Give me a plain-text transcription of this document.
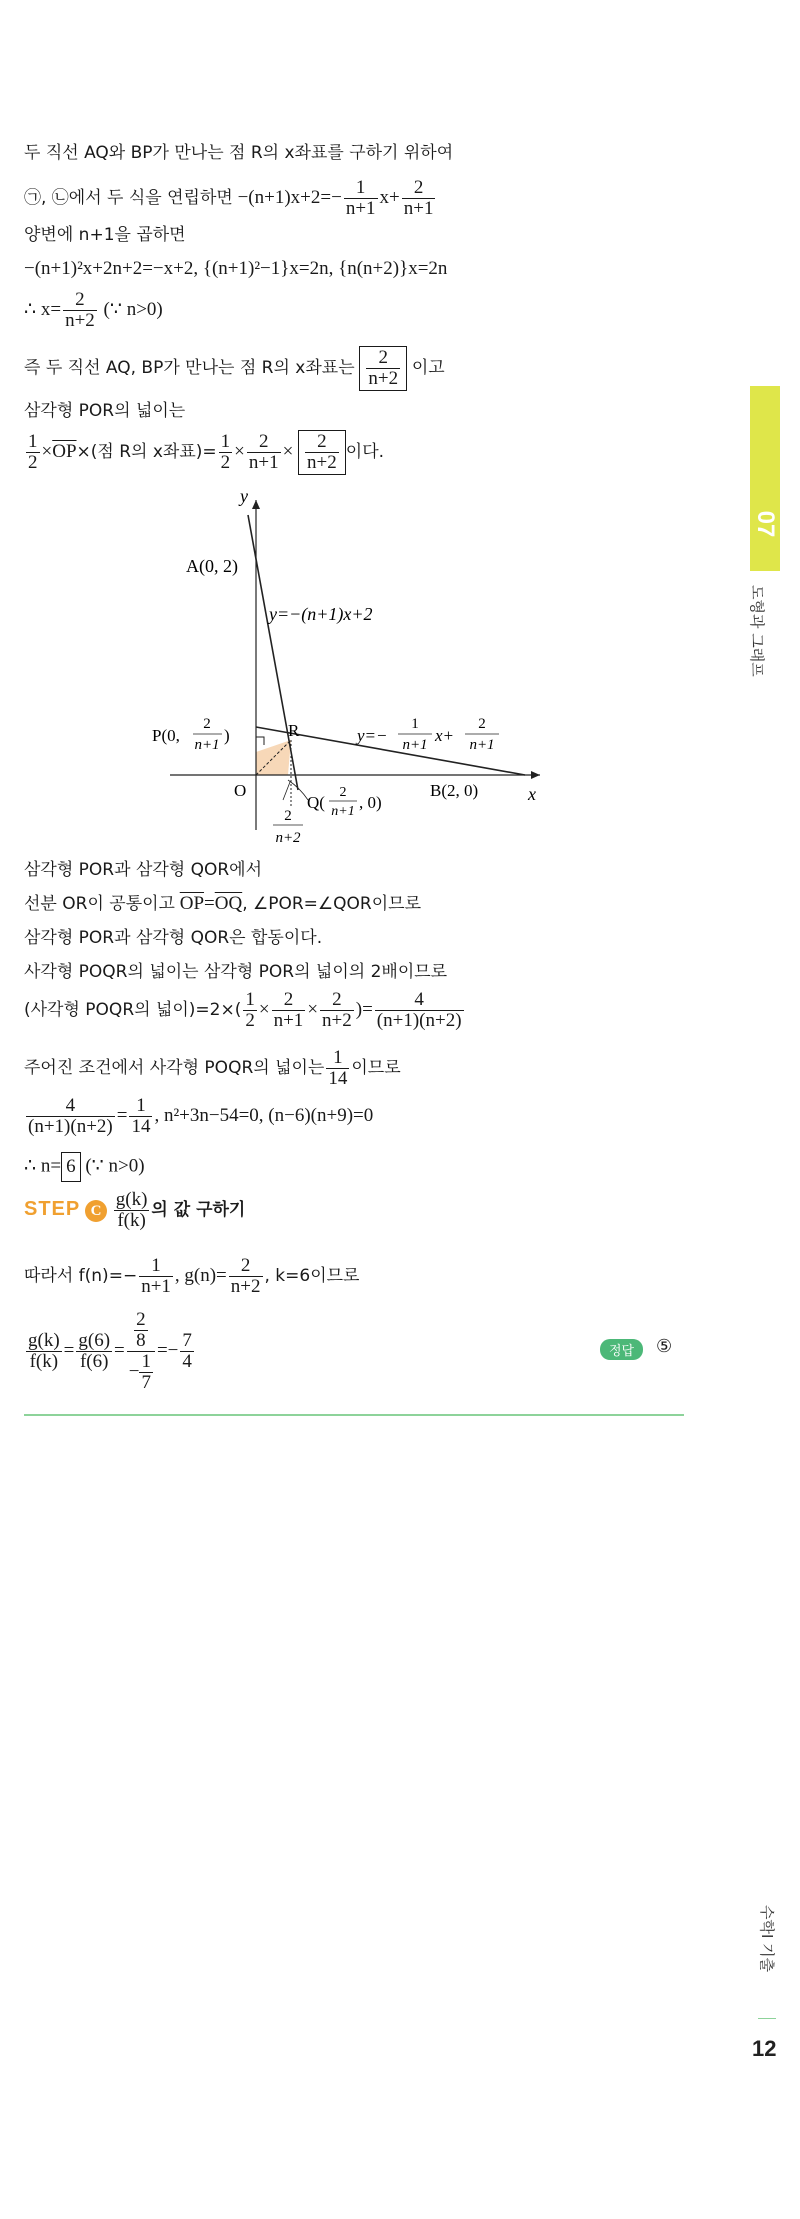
07
도형과 그래프
수학Ⅰ 기출
12
두 직선 AQ와 BP가 만나는 점 R의 x좌표를 구하기 위하여
㉠, ㉡에서 두 식을 연립하면 $-(n+1)x+2=- \frac{1}{n+1} x+ \frac{2}{n+1}$
양변에 n+1을 곱하면
−(n+1)²x+2n+2=−x+2, {(n+1)²−1}x=2n, {n(n+2)}x=2n
∴ $x= \frac{2}{n+2}$ (∵ n>0)
즉 두 직선 AQ, BP가 만나는 점 R의 x좌표는 $\frac{2}{n+2}$ 이고
삼각형 POR의 넓이는
$\frac{1}{2} \times\overline{OP}\times$(점 R의 x좌표)= $\frac{1}{2} \times \frac{2}{n+1} \times \frac{2}{n+2}$ 이다.
y
x
O
A(0, 2)
y=−(n+1)x+2
P(0,
2
n+1 )	R	y=−
1
n+1 x+
2
n+1
Q(
2
n+1 , 0)
B(2, 0)
2
n+2
삼각형 POR과 삼각형 QOR에서
선분 OR이 공통이고 $\overline{OP}=\overline{OQ}$, ∠POR=∠QOR이므로
삼각형 POR과 삼각형 QOR은 합동이다.
사각형 POQR의 넓이는 삼각형 POR의 넓이의 2배이므로
(사각형 POQR의 넓이)$=2\times( \frac{1}{2} \times \frac{2}{n+1} \times \frac{2}{n+2}$ )= $\frac{4}{(n+1)(n+2)}$
주어진 조건에서 사각형 POQR의 넓이는 $\frac{1}{14}$ 이므로
$\frac{4}{(n+1)(n+2)} = \frac{1}{14}$ , n²+3n−54=0, (n−6)(n+9)=0
∴ n= 6 (∵ n>0)
STEP C $\frac{g(k)}{f(k)}$ 의 값 구하기
따라서 $f(n)=- \frac{1}{n+1}$ , $g(n)= \frac{2}{n+2}$ , k=6이므로
$\frac{g(k)}{f(k)} = \frac{g(6)}{f(6)} = \frac{\frac{2}{8}}{- \frac{1}{7}} =- \frac{7}{4}$	정답	⑤
